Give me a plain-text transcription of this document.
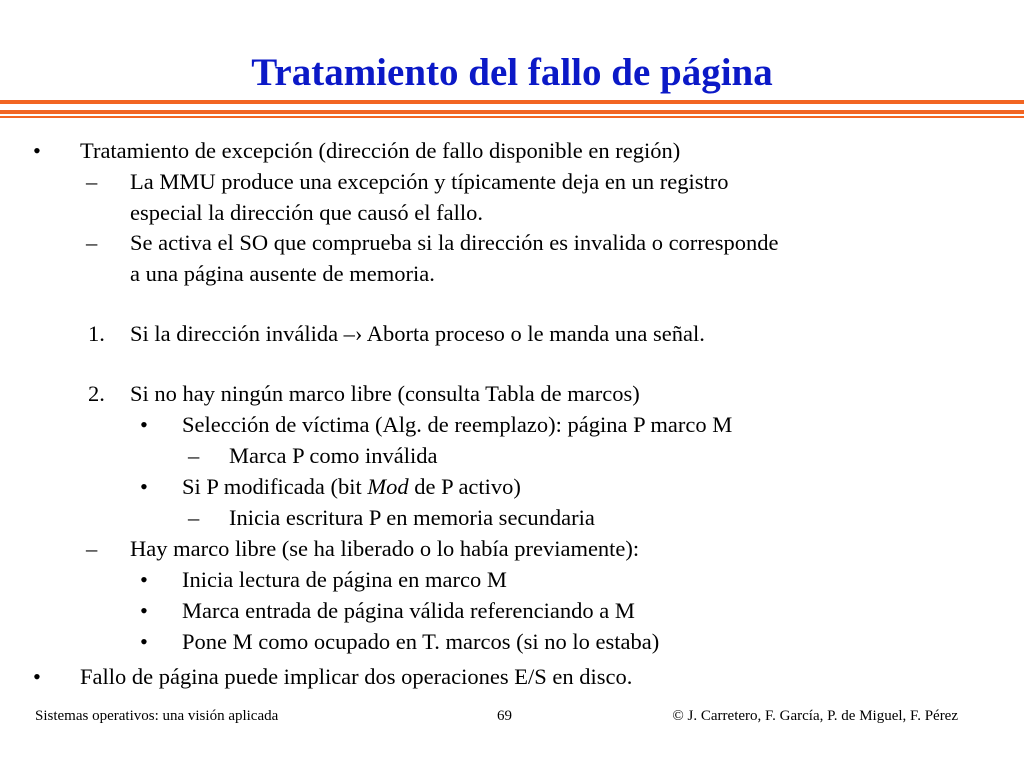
Tratamiento del fallo de página
• Tratamiento de excepción (dirección de fallo disponible en región)
– La MMU produce una excepción y típicamente deja en un registro
especial la dirección que causó el fallo.
– Se activa el SO que comprueba si la dirección es invalida o corresponde
a una página ausente de memoria.
1. Si la dirección inválida –› Aborta proceso o le manda una señal.
2. Si no hay ningún marco libre (consulta Tabla de marcos)
• Selección de víctima (Alg. de reemplazo): página P marco M
– Marca P como inválida
• Si P modificada (bit Mod de P activo)
– Inicia escritura P en memoria secundaria
– Hay marco libre (se ha liberado o lo había previamente):
• Inicia lectura de página en marco M
• Marca entrada de página válida referenciando a M
• Pone M como ocupado en T. marcos (si no lo estaba)
• Fallo de página puede implicar dos operaciones E/S en disco.
Sistemas operativos: una visión aplicada	69	© J. Carretero, F. García, P. de Miguel, F. Pérez
